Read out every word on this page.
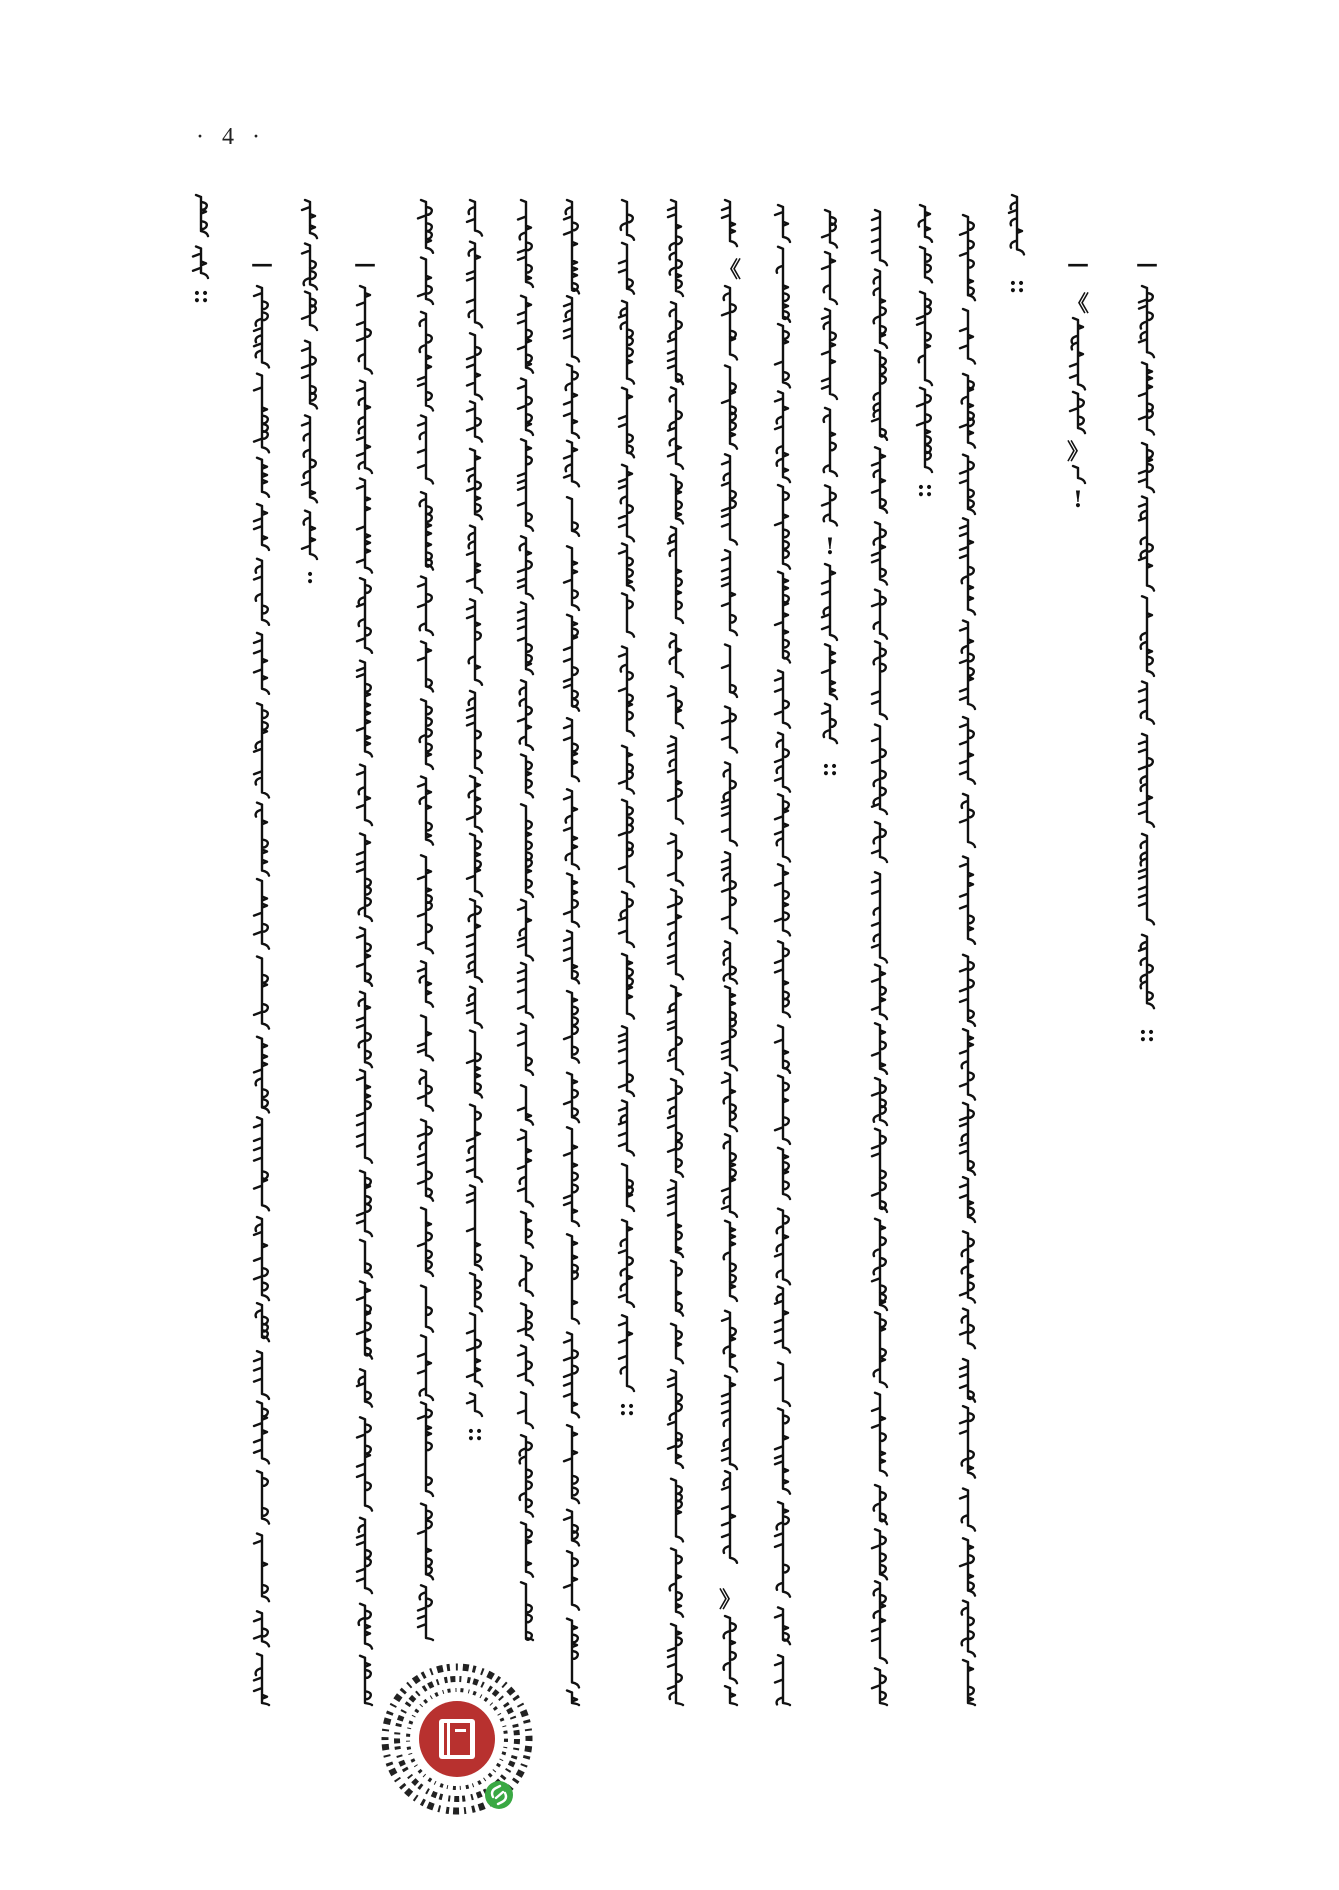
· 4 ·
—
::
—
《
》
!
::
::
!
::
《
》
::
::
—
:
—
::
